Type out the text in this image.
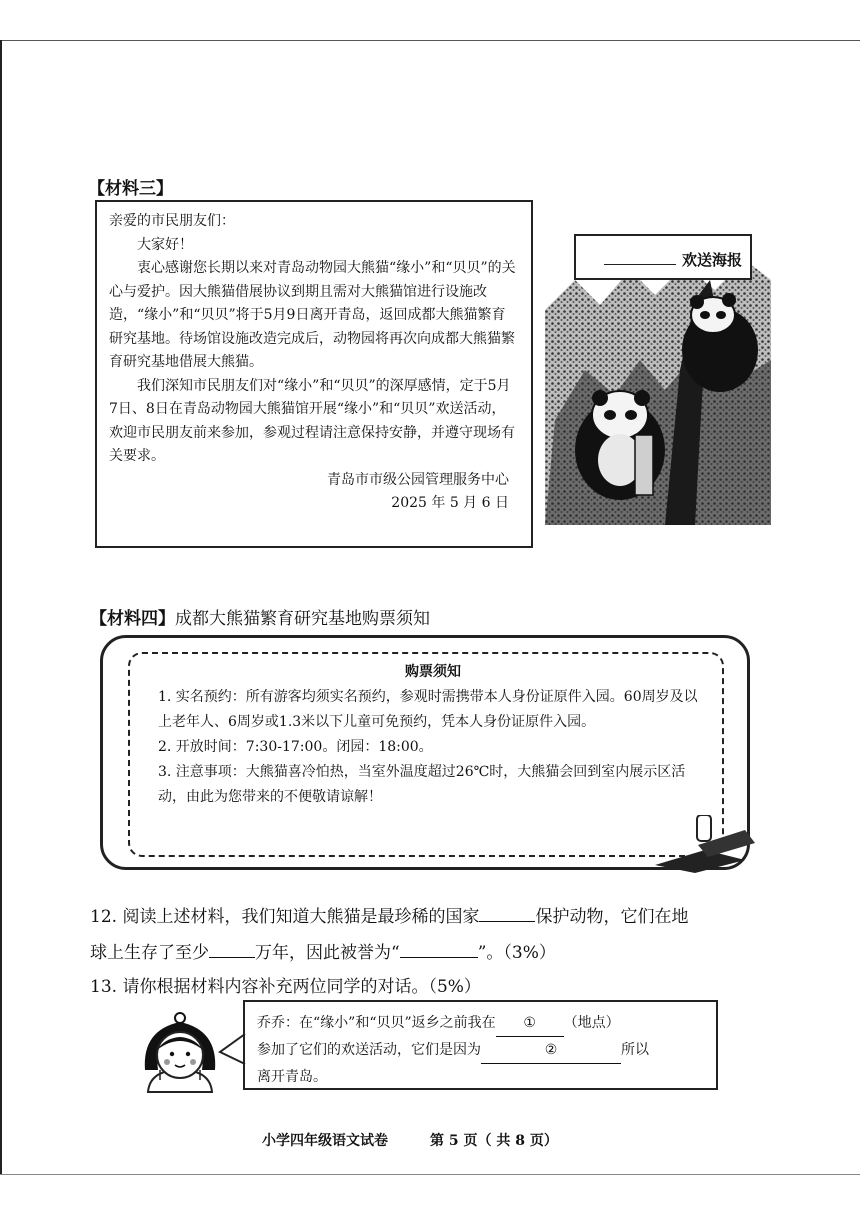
【材料三】

亲爱的市民朋友们：

大家好！

衷心感谢您长期以来对青岛动物园大熊猫“缘小”和“贝贝”的关心与爱护。因大熊猫借展协议到期且需对大熊猫馆进行设施改造，“缘小”和“贝贝”将于5月9日离开青岛，返回成都大熊猫繁育研究基地。待场馆设施改造完成后，动物园将再次向成都大熊猫繁育研究基地借展大熊猫。

我们深知市民朋友们对“缘小”和“贝贝”的深厚感情，定于5月7日、8日在青岛动物园大熊猫馆开展“缘小”和“贝贝”欢送活动，欢迎市民朋友前来参加，参观过程请注意保持安静，并遵守现场有关要求。

青岛市市级公园管理服务中心

2025 年 5 月 6 日

欢送海报
【材料四】成都大熊猫繁育研究基地购票须知

购票须知

1. 实名预约：所有游客均须实名预约，参观时需携带本人身份证原件入园。60周岁及以上老年人、6周岁或1.3米以下儿童可免预约，凭本人身份证原件入园。

2. 开放时间：7:30-17:00。闭园：18:00。

3. 注意事项：大熊猫喜冷怕热，当室外温度超过26℃时，大熊猫会回到室内展示区活动，由此为您带来的不便敬请谅解！

12. 阅读上述材料，我们知道大熊猫是最珍稀的国家	保护动物，它们在地
球上生存了至少	万年，因此被誉为“	”。（3%）
13. 请你根据材料内容补充两位同学的对话。（5%）

乔乔：在“缘小”和“贝贝”返乡之前我在 ① （地点）

参加了它们的欢送活动，它们是因为	②	所以

离开青岛。

小学四年级语文试卷	第 5 页（ 共 8 页）
